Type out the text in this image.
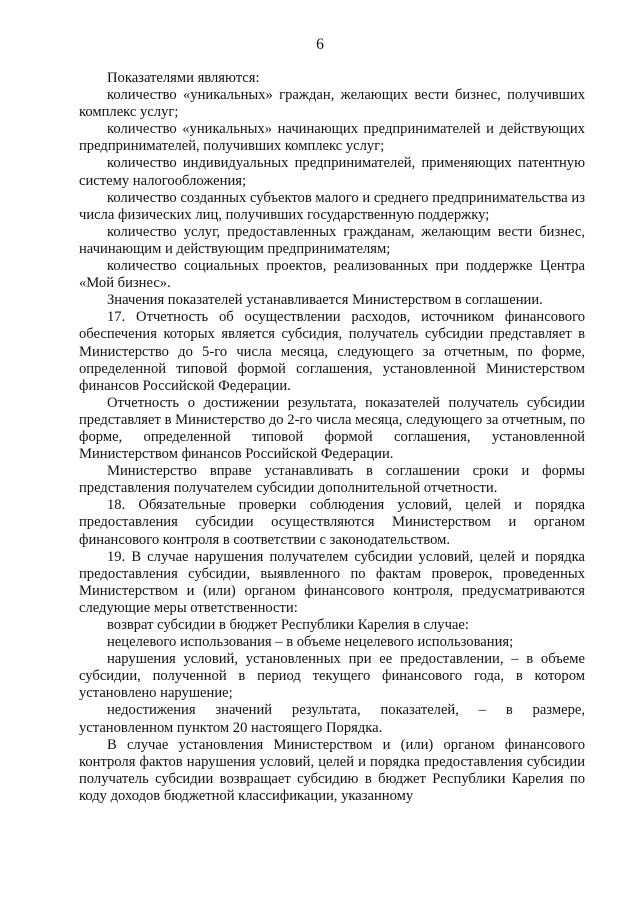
6

Показателями являются:

количество «уникальных» граждан, желающих вести бизнес, получивших комплекс услуг;

количество «уникальных» начинающих предпринимателей и действующих предпринимателей, получивших комплекс услуг;

количество индивидуальных предпринимателей, применяющих патентную систему налогообложения;

количество созданных субъектов малого и среднего предпринимательства из числа физических лиц, получивших государственную поддержку;

количество услуг, предоставленных гражданам, желающим вести бизнес, начинающим и действующим предпринимателям;

количество социальных проектов, реализованных при поддержке Центра «Мой бизнес».

Значения показателей устанавливается Министерством в соглашении.

17. Отчетность об осуществлении расходов, источником финансового обеспечения которых является субсидия, получатель субсидии представляет в Министерство до 5-го числа месяца, следующего за отчетным, по форме, определенной типовой формой соглашения, установленной Министерством финансов Российской Федерации.

Отчетность о достижении результата, показателей получатель субсидии представляет в Министерство до 2-го числа месяца, следующего за отчетным, по форме, определенной типовой формой соглашения, установленной Министерством финансов Российской Федерации.

Министерство вправе устанавливать в соглашении сроки и формы представления получателем субсидии дополнительной отчетности.

18. Обязательные проверки соблюдения условий, целей и порядка предоставления субсидии осуществляются Министерством и органом финансового контроля в соответствии с законодательством.

19. В случае нарушения получателем субсидии условий, целей и порядка предоставления субсидии, выявленного по фактам проверок, проведенных Министерством и (или) органом финансового контроля, предусматриваются следующие меры ответственности:

возврат субсидии в бюджет Республики Карелия в случае:

нецелевого использования – в объеме нецелевого использования;

нарушения условий, установленных при ее предоставлении, – в объеме субсидии, полученной в период текущего финансового года, в котором установлено нарушение;

недостижения значений результата, показателей, – в размере, установленном пунктом 20 настоящего Порядка.

В случае установления Министерством и (или) органом финансового контроля фактов нарушения условий, целей и порядка предоставления субсидии получатель субсидии возвращает субсидию в бюджет Республики Карелия по коду доходов бюджетной классификации, указанному
